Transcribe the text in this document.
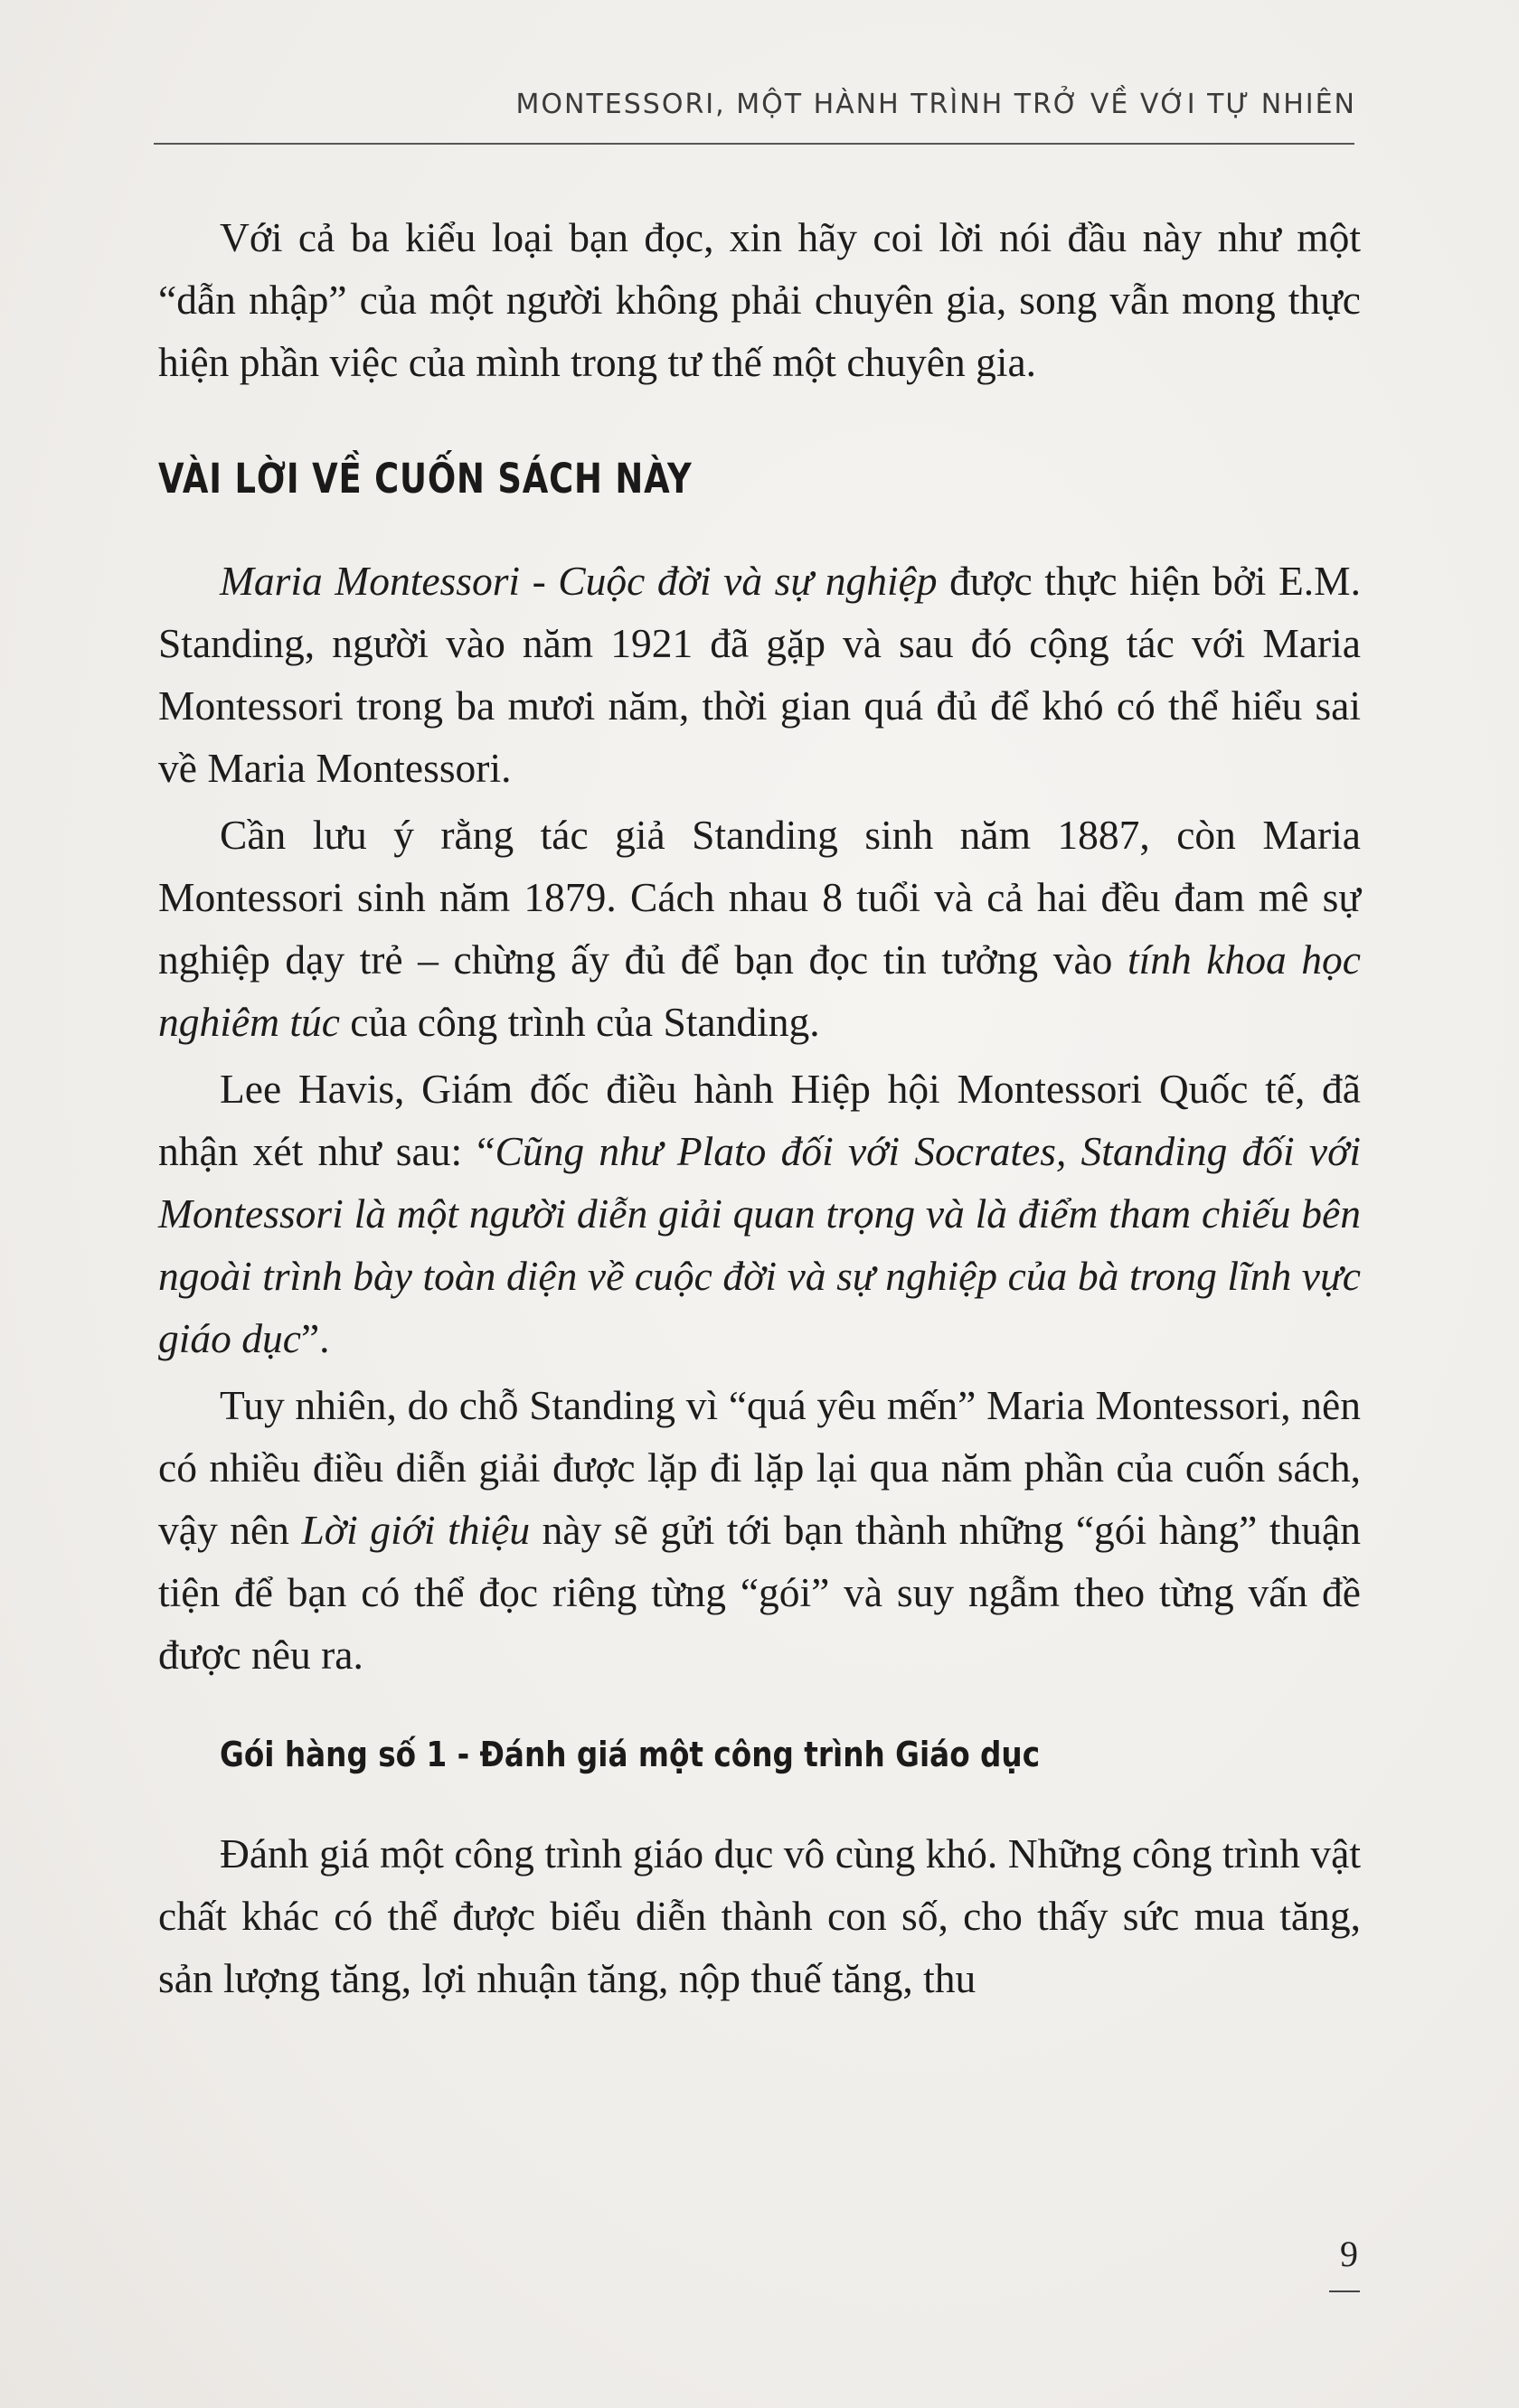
MONTESSORI, MỘT HÀNH TRÌNH TRỞ VỀ VỚI TỰ NHIÊN

Với cả ba kiểu loại bạn đọc, xin hãy coi lời nói đầu này như một “dẫn nhập” của một người không phải chuyên gia, song vẫn mong thực hiện phần việc của mình trong tư thế một chuyên gia.

VÀI LỜI VỀ CUỐN SÁCH NÀY

Maria Montessori - Cuộc đời và sự nghiệp được thực hiện bởi E.M. Standing, người vào năm 1921 đã gặp và sau đó cộng tác với Maria Montessori trong ba mươi năm, thời gian quá đủ để khó có thể hiểu sai về Maria Montessori.

Cần lưu ý rằng tác giả Standing sinh năm 1887, còn Maria Montessori sinh năm 1879. Cách nhau 8 tuổi và cả hai đều đam mê sự nghiệp dạy trẻ – chừng ấy đủ để bạn đọc tin tưởng vào tính khoa học nghiêm túc của công trình của Standing.

Lee Havis, Giám đốc điều hành Hiệp hội Montessori Quốc tế, đã nhận xét như sau: “Cũng như Plato đối với Socrates, Standing đối với Montessori là một người diễn giải quan trọng và là điểm tham chiếu bên ngoài trình bày toàn diện về cuộc đời và sự nghiệp của bà trong lĩnh vực giáo dục”.

Tuy nhiên, do chỗ Standing vì “quá yêu mến” Maria Montessori, nên có nhiều điều diễn giải được lặp đi lặp lại qua năm phần của cuốn sách, vậy nên Lời giới thiệu này sẽ gửi tới bạn thành những “gói hàng” thuận tiện để bạn có thể đọc riêng từng “gói” và suy ngẫm theo từng vấn đề được nêu ra.

Gói hàng số 1 - Đánh giá một công trình Giáo dục

Đánh giá một công trình giáo dục vô cùng khó. Những công trình vật chất khác có thể được biểu diễn thành con số, cho thấy sức mua tăng, sản lượng tăng, lợi nhuận tăng, nộp thuế tăng, thu

9
